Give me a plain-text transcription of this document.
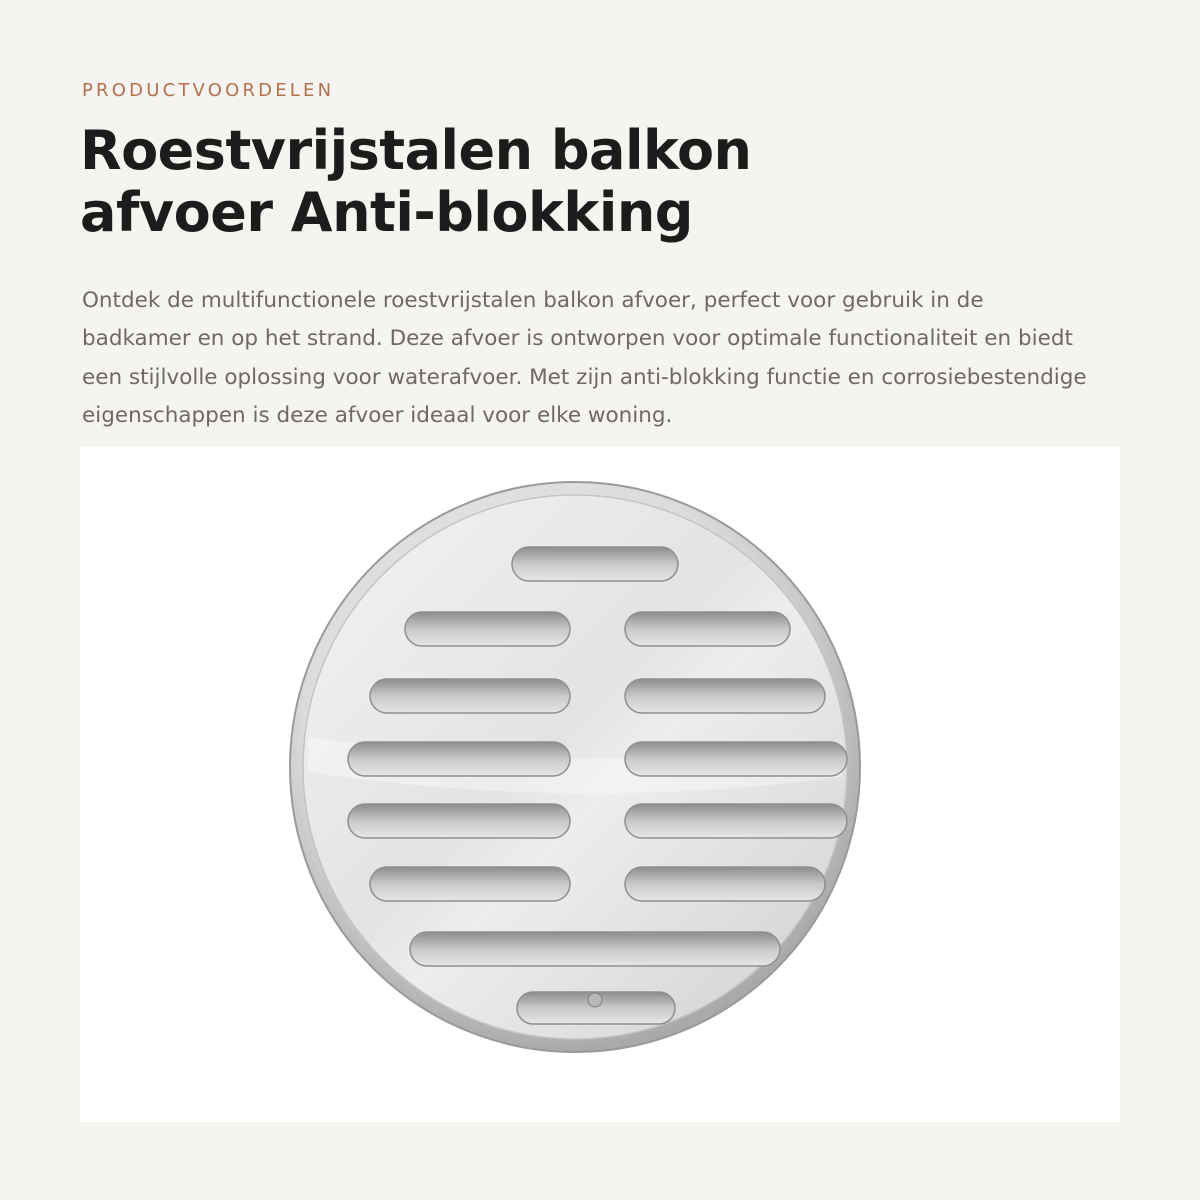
PRODUCTVOORDELEN
Roestvrijstalen balkon
afvoer Anti-blokking

Ontdek de multifunctionele roestvrijstalen balkon afvoer, perfect voor gebruik in de badkamer en op het strand. Deze afvoer is ontworpen voor optimale functionaliteit en biedt een stijlvolle oplossing voor waterafvoer. Met zijn anti-blokking functie en corrosiebestendige eigenschappen is deze afvoer ideaal voor elke woning.
